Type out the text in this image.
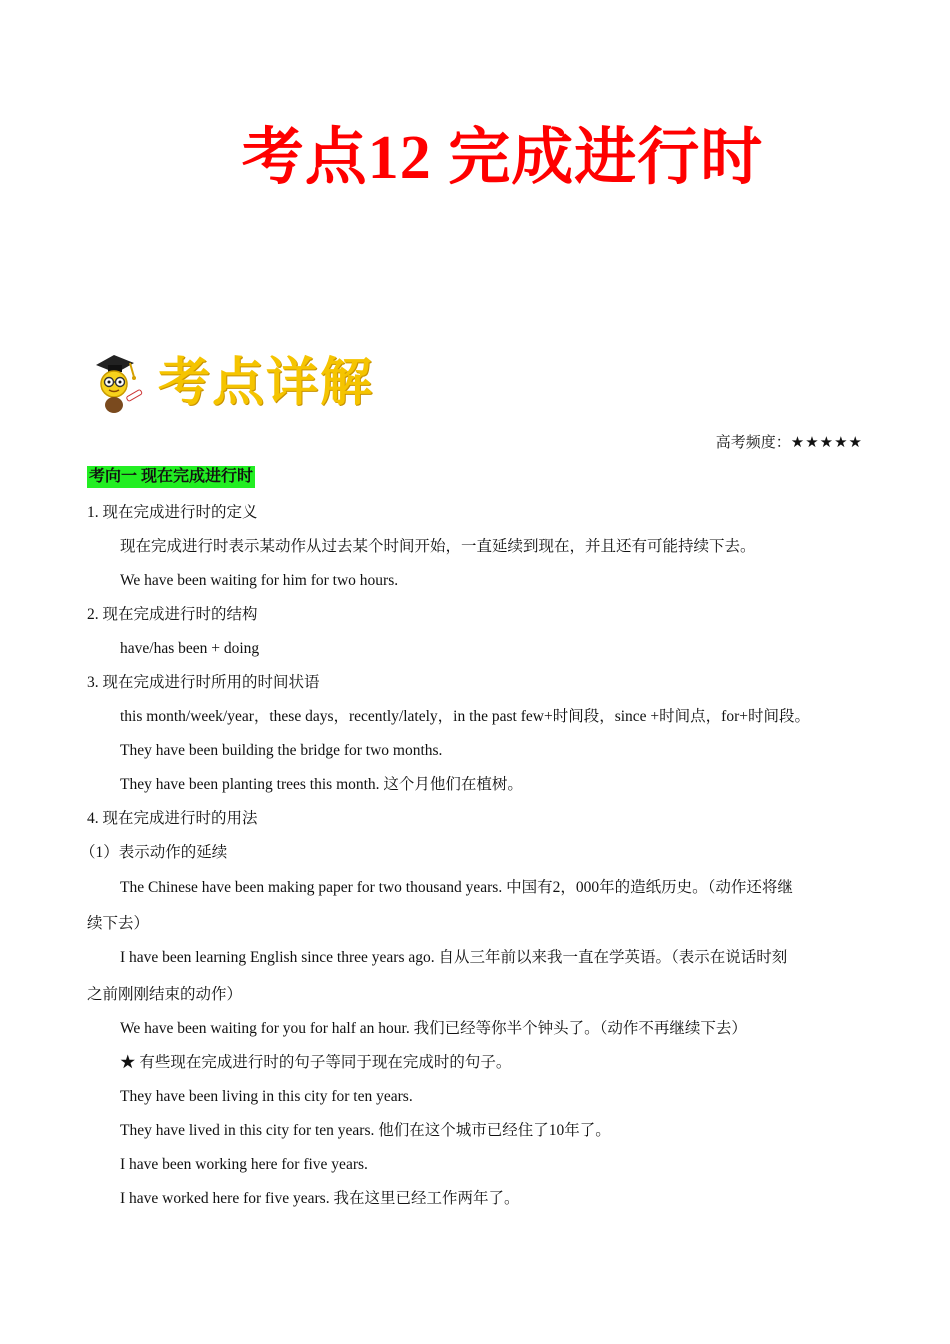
考点12 完成进行时
考点详解
高考频度：★★★★★
考向一 现在完成进行时
1. 现在完成进行时的定义
现在完成进行时表示某动作从过去某个时间开始，一直延续到现在，并且还有可能持续下去。
We have been waiting for him for two hours.
2. 现在完成进行时的结构
have/has been + doing
3. 现在完成进行时所用的时间状语
this month/week/year，these days，recently/lately，in the past few+时间段，since +时间点，for+时间段。
They have been building the bridge for two months.
They have been planting trees this month. 这个月他们在植树。
4. 现在完成进行时的用法
（1）表示动作的延续
The Chinese have been making paper for two thousand years. 中国有2，000年的造纸历史。（动作还将继
续下去）
I have been learning English since three years ago. 自从三年前以来我一直在学英语。（表示在说话时刻
之前刚刚结束的动作）
We have been waiting for you for half an hour. 我们已经等你半个钟头了。（动作不再继续下去）
★ 有些现在完成进行时的句子等同于现在完成时的句子。
They have been living in this city for ten years.
They have lived in this city for ten years. 他们在这个城市已经住了10年了。
I have been working here for five years.
I have worked here for five years. 我在这里已经工作两年了。
